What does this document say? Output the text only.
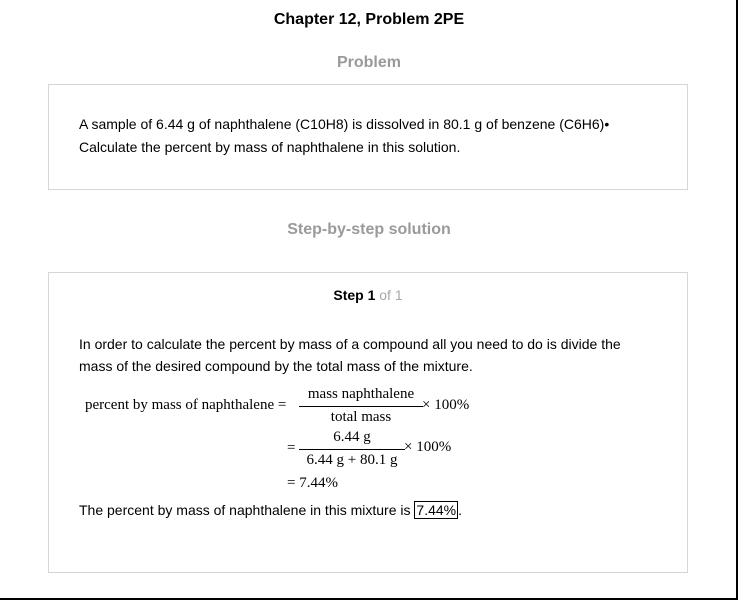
Chapter 12, Problem 2PE
Problem
A sample of 6.44 g of naphthalene (C10H8) is dissolved in 80.1 g of benzene (C6H6)•
Calculate the percent by mass of naphthalene in this solution.
Step-by-step solution
Step 1 of 1
In order to calculate the percent by mass of a compound all you need to do is divide the
mass of the desired compound by the total mass of the mixture.
percent by mass of naphthalene =
mass naphthalene
total mass
× 100%
=
6.44 g
6.44 g + 80.1 g
× 100%
= 7.44%
The percent by mass of naphthalene in this mixture is 7.44% .
